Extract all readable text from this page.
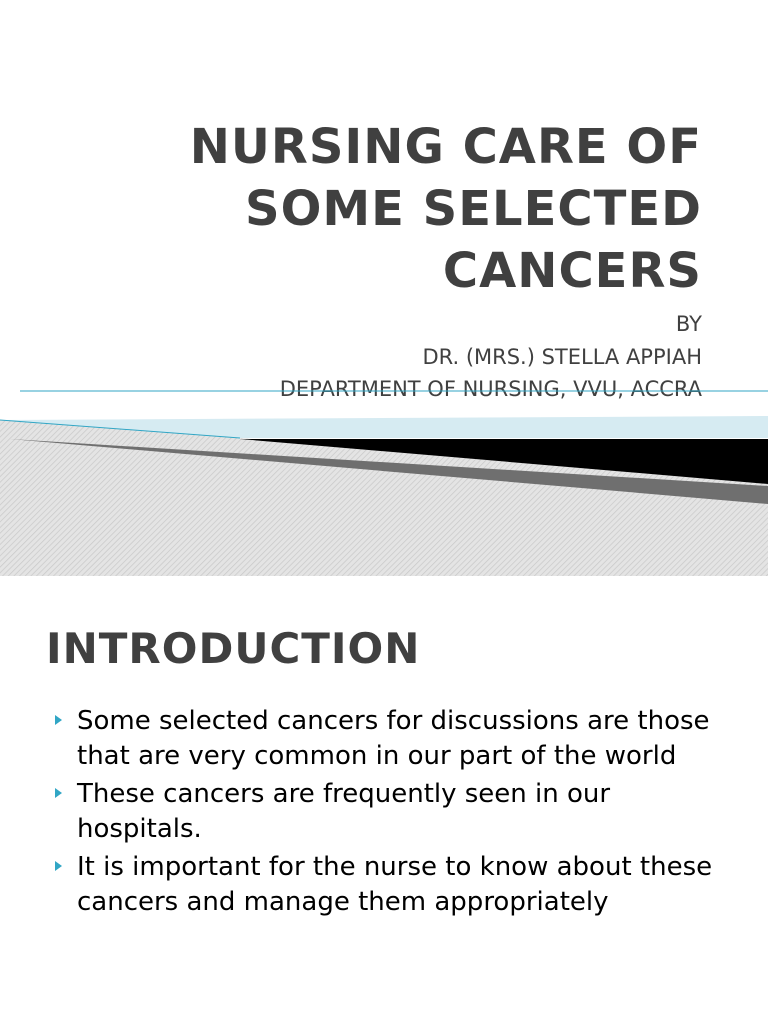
NURSING CARE OF
SOME SELECTED
CANCERS
BY
DR. (MRS.) STELLA APPIAH
DEPARTMENT OF NURSING, VVU, ACCRA
INTRODUCTION
Some selected cancers for discussions are those that are very common in our part of the world
These cancers are frequently seen in our hospitals.
It is important for the nurse to know about these cancers and manage them appropriately
